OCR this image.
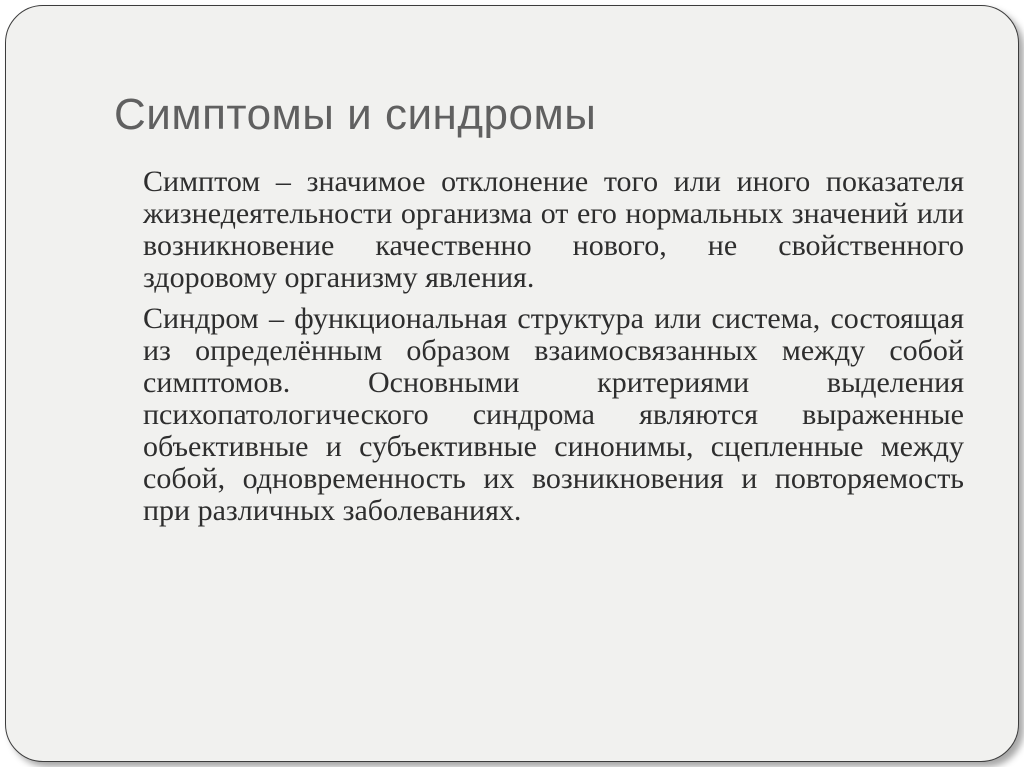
Симптомы и синдромы

Симптом – значимое отклонение того или иного показателя жизнедеятельности организма от его нормальных значений или возникновение качественно нового, не свойственного здоровому организму явления.

Синдром – функциональная структура или система, состоящая из определённым образом взаимосвязанных между собой симптомов. Основными критериями выделения психопатологического синдрома являются выраженные объективные и субъективные синонимы, сцепленные между собой, одновременность их возникновения и повторяемость при различных заболеваниях.
